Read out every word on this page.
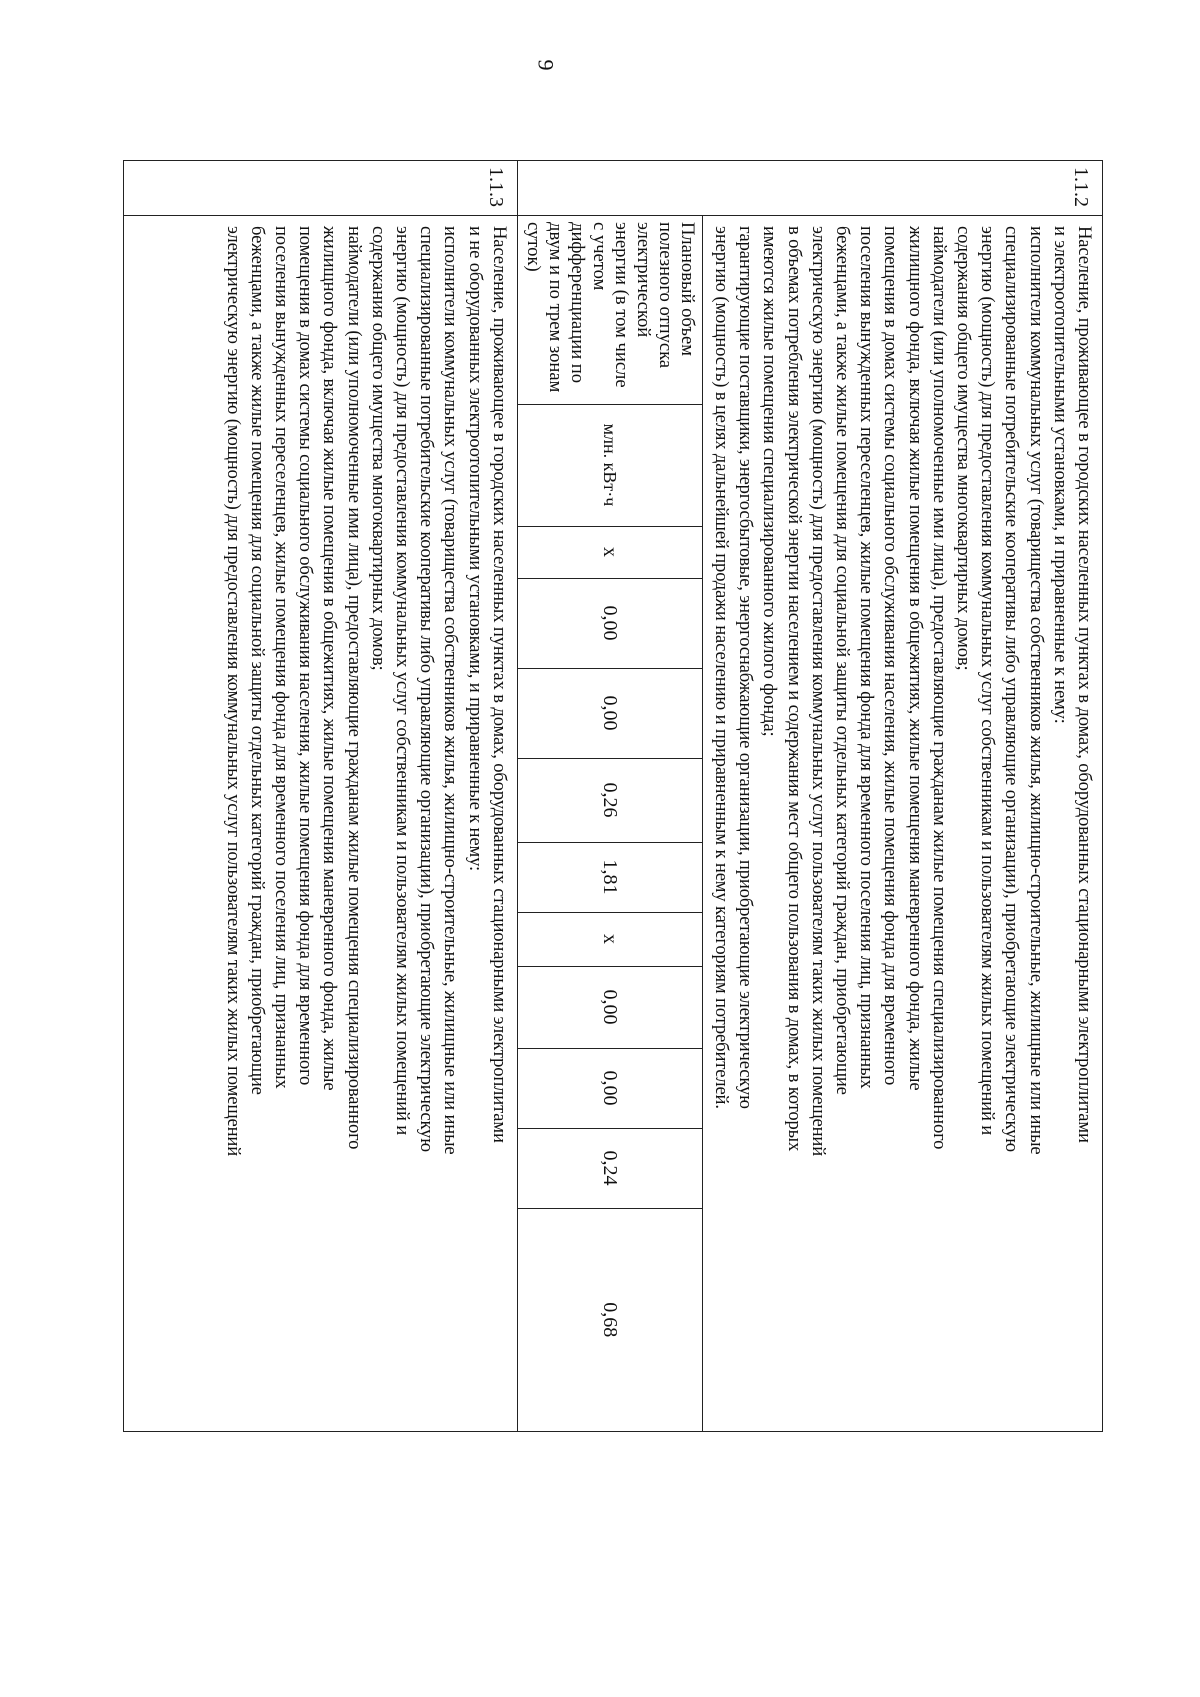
9
1.1.2	

Население, проживающее в городских населенных пунктах в домах, оборудованных стационарными электроплитами

и электроотопительными установками, и приравненные к нему:

исполнители коммунальных услуг (товарищества собственников жилья, жилищно-строительные, жилищные или иные

специализированные потребительские кооперативы либо управляющие организации), приобретающие электрическую

энергию (мощность) для предоставления коммунальных услуг собственникам и пользователям жилых помещений и

содержания общего имущества многоквартирных домов;

наймодатели (или уполномоченные ими лица), предоставляющие гражданам жилые помещения специализированного

жилищного фонда, включая жилые помещения в общежитиях, жилые помещения маневренного фонда, жилые

помещения в домах системы социального обслуживания населения, жилые помещения фонда для временного

поселения вынужденных переселенцев, жилые помещения фонда для временного поселения лиц, признанных

беженцами, а также жилые помещения для социальной защиты отдельных категорий граждан, приобретающие

электрическую энергию (мощность) для предоставления коммунальных услуг пользователям таких жилых помещений

в объемах потребления электрической энергии населением и содержания мест общего пользования в домах, в которых

имеются жилые помещения специализированного жилого фонда;

гарантирующие поставщики, энергосбытовые, энергоснабжающие организации, приобретающие электрическую

энергию (мощность) в целях дальнейшей продажи населению и приравненным к нему категориям потребителей.

Плановый объем полезного отпуска электрической энергии (в том числе с учетом дифференциации по двум и по трем зонам суток)	млн. кВт·ч	x	0,00	0,00	0,26	1,81	x	0,00	0,00	0,24	0,68

1.1.3	

Население, проживающее в городских населенных пунктах в домах, оборудованных стационарными электроплитами

и не оборудованных электроотопительными установками, и приравненные к нему:

исполнители коммунальных услуг (товарищества собственников жилья, жилищно-строительные, жилищные или иные

специализированные потребительские кооперативы либо управляющие организации), приобретающие электрическую

энергию (мощность) для предоставления коммунальных услуг собственникам и пользователям жилых помещений и

содержания общего имущества многоквартирных домов;

наймодатели (или уполномоченные ими лица), предоставляющие гражданам жилые помещения специализированного

жилищного фонда, включая жилые помещения в общежитиях, жилые помещения маневренного фонда, жилые

помещения в домах системы социального обслуживания населения, жилые помещения фонда для временного

поселения вынужденных переселенцев, жилые помещения фонда для временного поселения лиц, признанных

беженцами, а также жилые помещения для социальной защиты отдельных категорий граждан, приобретающие

электрическую энергию (мощность) для предоставления коммунальных услуг пользователям таких жилых помещений
